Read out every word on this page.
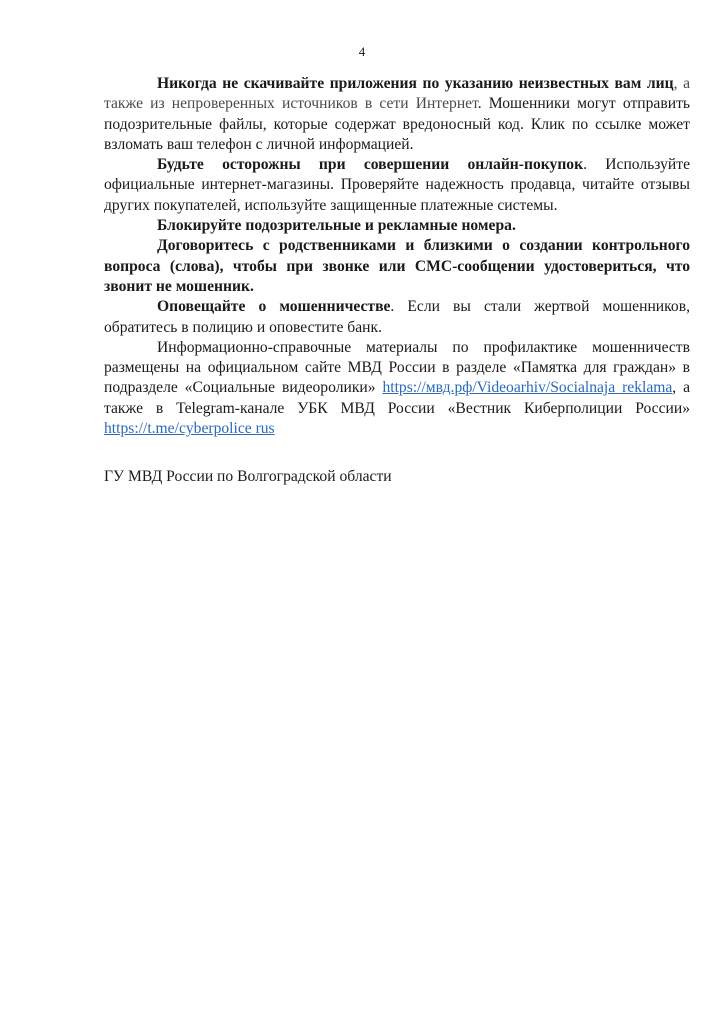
4

Никогда не скачивайте приложения по указанию неизвестных вам лиц, а также из непроверенных источников в сети Интернет. Мошенники могут отправить подозрительные файлы, которые содержат вредоносный код. Клик по ссылке может взломать ваш телефон с личной информацией.

Будьте осторожны при совершении онлайн-покупок. Используйте официальные интернет-магазины. Проверяйте надежность продавца, читайте отзывы других покупателей, используйте защищенные платежные системы.

Блокируйте подозрительные и рекламные номера.

Договоритесь с родственниками и близкими о создании контрольного вопроса (слова), чтобы при звонке или СМС-сообщении удостовериться, что звонит не мошенник.

Оповещайте о мошенничестве. Если вы стали жертвой мошенников, обратитесь в полицию и оповестите банк.

Информационно-справочные материалы по профилактике мошенничеств размещены на официальном сайте МВД России в разделе «Памятка для граждан» в подразделе «Социальные видеоролики» https://мвд.рф/Videoarhiv/Socialnaja reklama, а также в Telegram-канале УБК МВД России «Вестник Киберполиции России» https://t.me/cyberpolice rus

ГУ МВД России по Волгоградской области
